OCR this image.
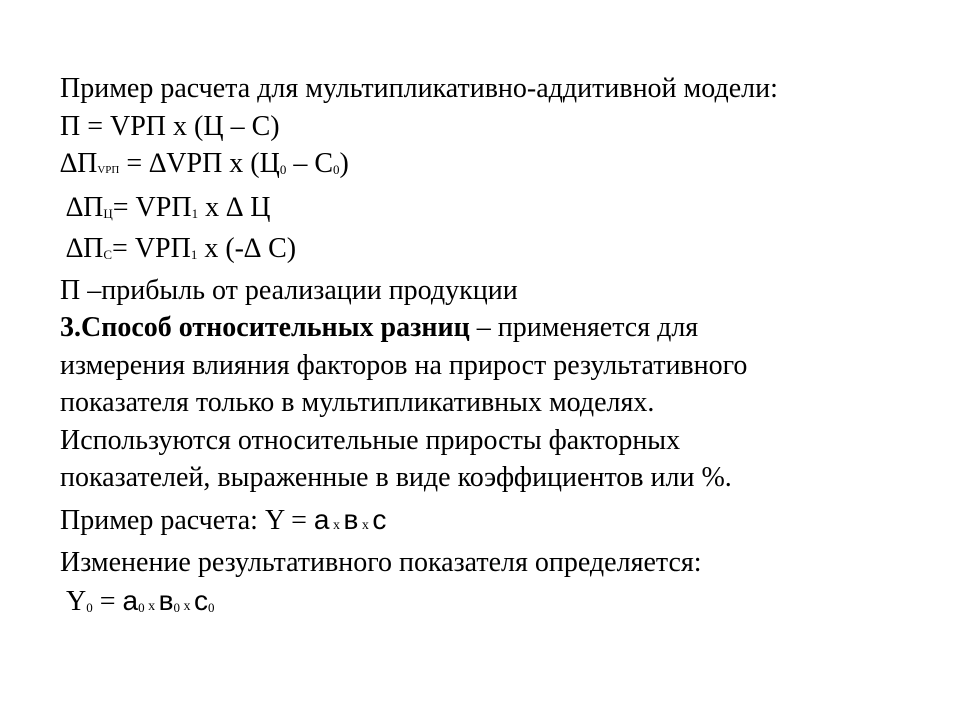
Пример расчета для мультипликативно-аддитивной модели:
П = VРП х (Ц – С)
∆ПVРП = ∆VРП х (Ц0 – С0)
∆ПЦ= VРП1 х ∆ Ц
∆ПС= VРП1 х (-∆ С)
П –прибыль от реализации продукции
3.Способ относительных разниц – применяется для
измерения влияния факторов на прирост результативного
показателя только в мультипликативных моделях.
Используются относительные приросты факторных
показателей, выраженные в виде коэффициентов или %.
Пример расчета: Y = а х в х с
Изменение результативного показателя определяется:
Y0 = а0 х в0 х с0
